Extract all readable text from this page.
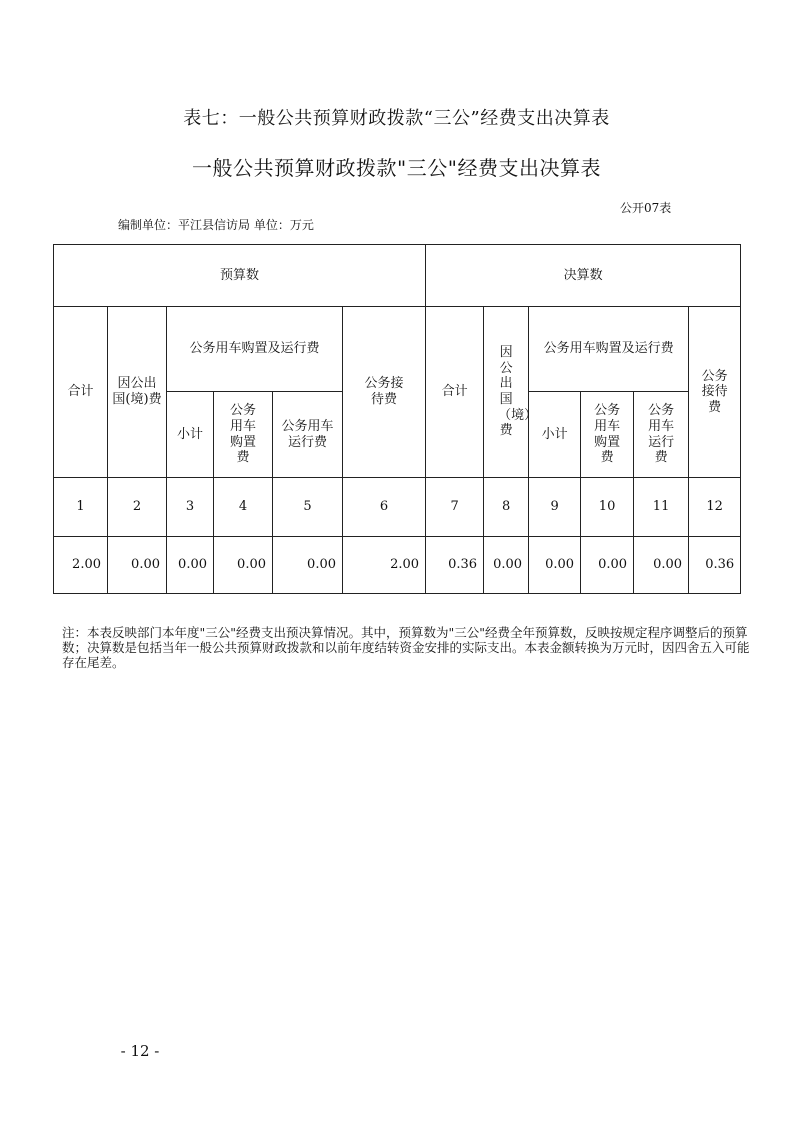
表七：一般公共预算财政拨款“三公”经费支出决算表
一般公共预算财政拨款"三公"经费支出决算表
公开07表
编制单位：平江县信访局 单位：万元
预算数						决算数					
合计	因公出国(境)费	公务用车购置及运行费			公务接待费	合计	因公出国（境）费	公务用车购置及运行费			公务接待费
		小计	公务用车购置费	公务用车运行费				小计	公务用车购置费	公务用车运行费	
1	2	3	4	5	6	7	8	9	10	11	12
2.00	0.00	0.00	0.00	0.00	2.00	0.36	0.00	0.00	0.00	0.00	0.36
注：本表反映部门本年度"三公"经费支出预决算情况。其中，预算数为"三公"经费全年预算数，反映按规定程序调整后的预算数；决算数是包括当年一般公共预算财政拨款和以前年度结转资金安排的实际支出。本表金额转换为万元时，因四舍五入可能存在尾差。
- 12 -
